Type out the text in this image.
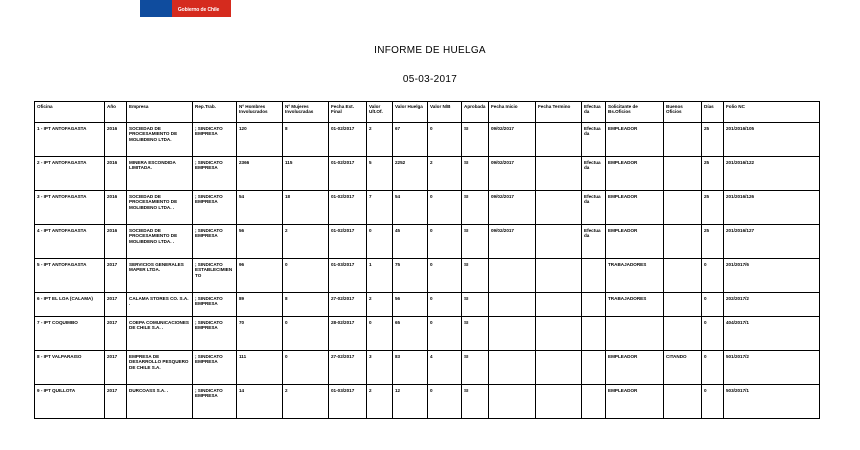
Gobierno de Chile
INFORME DE HUELGA
05-03-2017
Oficina	Año	Empresa	Rep.Trab.	Nº Hombres Involucrados	Nº Mujeres Involucradas	Fecha Ext. Final	Valor Ult.Of.	Valor Huelga	Valor N/B	Aprobada	Fecha Inicio	Fecha Termino	Efectuada	Solicitante de Bs.Oficios	Buenos Oficios	Días	Folio NC
1 - IPT ANTOFAGASTA	2016	SOCIEDAD DE PROCESAMIENTO DE MOLIBDENO LTDA.	; SINDICATO EMPRESA	120	8	01-02/2017	2	67	0	SI	09/02/2017		Efectuada	EMPLEADOR		25	201/2016/105
2 - IPT ANTOFAGASTA	2016	MINERA ESCONDIDA LIMITADA.	; SINDICATO EMPRESA	2366	115	01-02/2017	5	2252	2	SI	09/02/2017		Efectuada	EMPLEADOR		25	201/2016/122
3 - IPT ANTOFAGASTA	2016	SOCIEDAD DE PROCESAMIENTO DE MOLIBDENO LTDA. .	; SINDICATO EMPRESA	54	18	01-02/2017	7	54	0	SI	09/02/2017		Efectuada	EMPLEADOR		25	201/2016/126
4 - IPT ANTOFAGASTA	2016	SOCIEDAD DE PROCESAMIENTO DE MOLIBDENO LTDA. .	; SINDICATO EMPRESA	56	2	01-02/2017	0	45	0	SI	09/02/2017		Efectuada	EMPLEADOR		25	201/2016/127
5 - IPT ANTOFAGASTA	2017	SERVICIOS GENERALES MAPER LTDA.	; SINDICATO ESTABLECIMIENTO	96	0	01-03/2017	1	75	0	SI				TRABAJADORES		0	201/2017/6
6 - IPT EL LOA (CALAMA)	2017	CALAMA STORES CO. S.A. .	; SINDICATO EMPRESA	89	8	27-02/2017	2	56	0	SI				TRABAJADORES		0	202/2017/2
7 - IPT COQUIMBO	2017	COEPA COMUNICACIONES DE CHILE S.A. .	; SINDICATO EMPRESA	70	0	28-02/2017	0	65	0	SI						0	404/2017/1
8 - IPT VALPARAISO	2017	EMPRESA DE DESARROLLO PESQUERO DE CHILE S.A.	; SINDICATO EMPRESA	111	0	27-02/2017	3	83	4	SI				EMPLEADOR	CITANDO	0	501/2017/2
9 - IPT QUILLOTA	2017	DURCOASS S.A. .	; SINDICATO EMPRESA	14	2	01-03/2017	2	12	0	SI				EMPLEADOR		0	503/2017/1
